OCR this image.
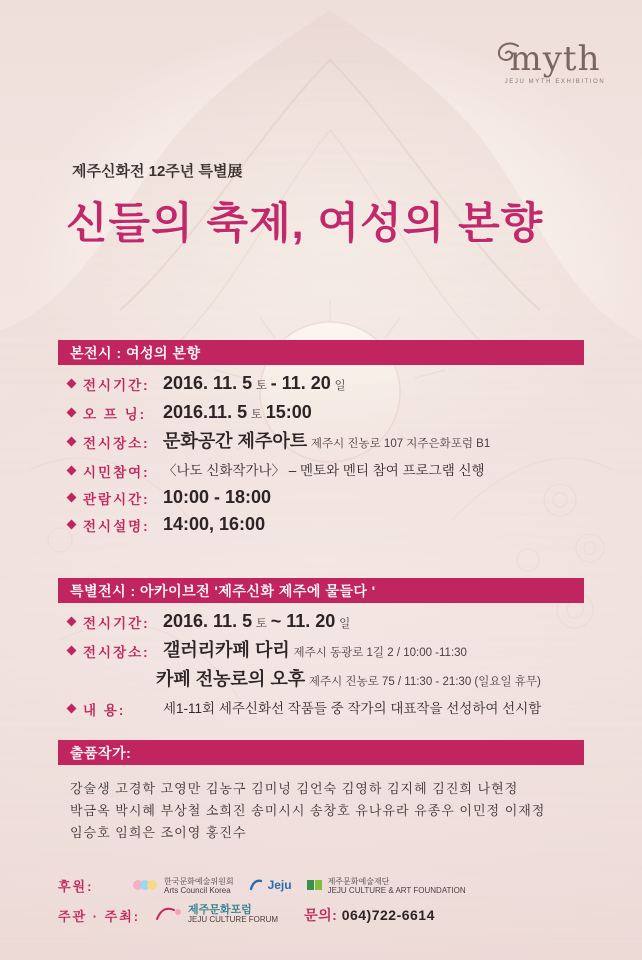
myth
JEJU MYTH EXHIBITION
제주신화전 12주년 특별展
신들의 축제, 여성의 본향
본전시 : 여성의 본향
전시기간: 2016. 11. 5 토 - 11. 20 일
오 프 닝: 2016.11. 5 토 15:00
전시장소: 문화공간 제주아트 제주시 진농로 107 지주은화포럼 B1
시민참여: 〈나도 신화작가나〉 – 멘토와 멘티 참여 프로그램 신행
관람시간: 10:00 - 18:00
전시설명: 14:00, 16:00
특별전시 : 아카이브전 '제주신화 제주에 물들다 '
전시기간: 2016. 11. 5 토 ~ 11. 20 일
전시장소: 갤러리카페 다리 제주시 동광로 1길 2 / 10:00 -11:30
카페 전농로의 오후 제주시 진농로 75 / 11:30 - 21:30 (일요일 휴무)
내 용:	세1-11회 세주신화선 작품들 중 작가의 대표작을 선성하여 선시함
출품작가:
강술생 고경학 고영만 김농구 김미넝 김언숙 김영하 김지헤 김진희 나현정
박금옥 박시혜 부상철 소희진 송미시시 송창호 유나유라 유종우 이민정 이재정
임승호 임희은 조이영 홍진수
후원:	한국문화예술위원회
Arts Council Korea	Jeju	제주문화예술재단
JEJU CULTURE & ART FOUNDATION
주관 · 주최:	제주문화포럼
JEJU CULTURE FORUM 문의: 064)722-6614
